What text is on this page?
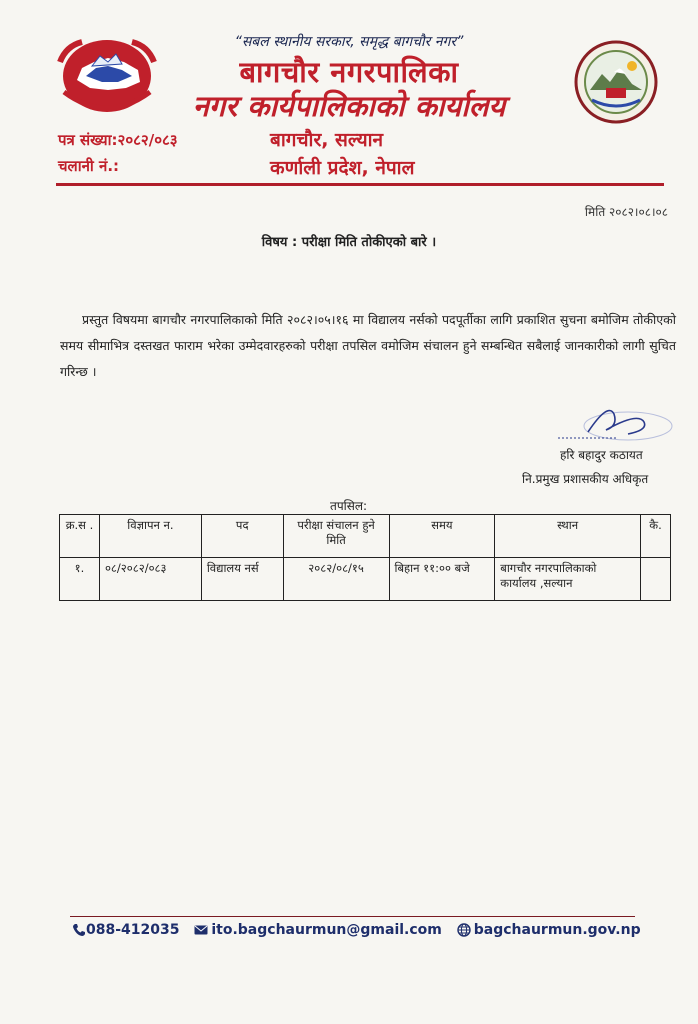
“सबल स्थानीय सरकार, समृद्ध बागचौर नगर”
बागचौर नगरपालिका
नगर कार्यपालिकाको कार्यालय
पत्र संख्या:२०८२/०८३
चलानी नं.:
बागचौर, सल्यान
कर्णाली प्रदेश, नेपाल
मिति २०८२।०८।०८
विषय : परीक्षा मिति तोकीएको बारे ।
प्रस्तुत विषयमा बागचौर नगरपालिकाको मिति २०८२।०५।१६ मा विद्यालय नर्सको पदपूर्तीका लागि प्रकाशित सुचना बमोजिम तोकीएको समय सीमाभित्र दस्तखत फाराम भरेका उम्मेदवारहरुको परीक्षा तपसिल वमोजिम संचालन हुने सम्बन्धित सबैलाई जानकारीको लागी सुचित गरिन्छ ।
हरि बहादुर कठायत
नि.प्रमुख प्रशासकीय अधिकृत
तपसिल:
क्र.स .	विज्ञापन न.	पद	परीक्षा संचालन हुने मिति	समय	स्थान	कै.
१.	०८/२०८२/०८३	विद्यालय नर्स	२०८२/०८/१५	बिहान ११:०० बजे	बागचौर नगरपालिकाको कार्यालय ,सल्यान	
088-412035 ito.bagchaurmun@gmail.com bagchaurmun.gov.np
